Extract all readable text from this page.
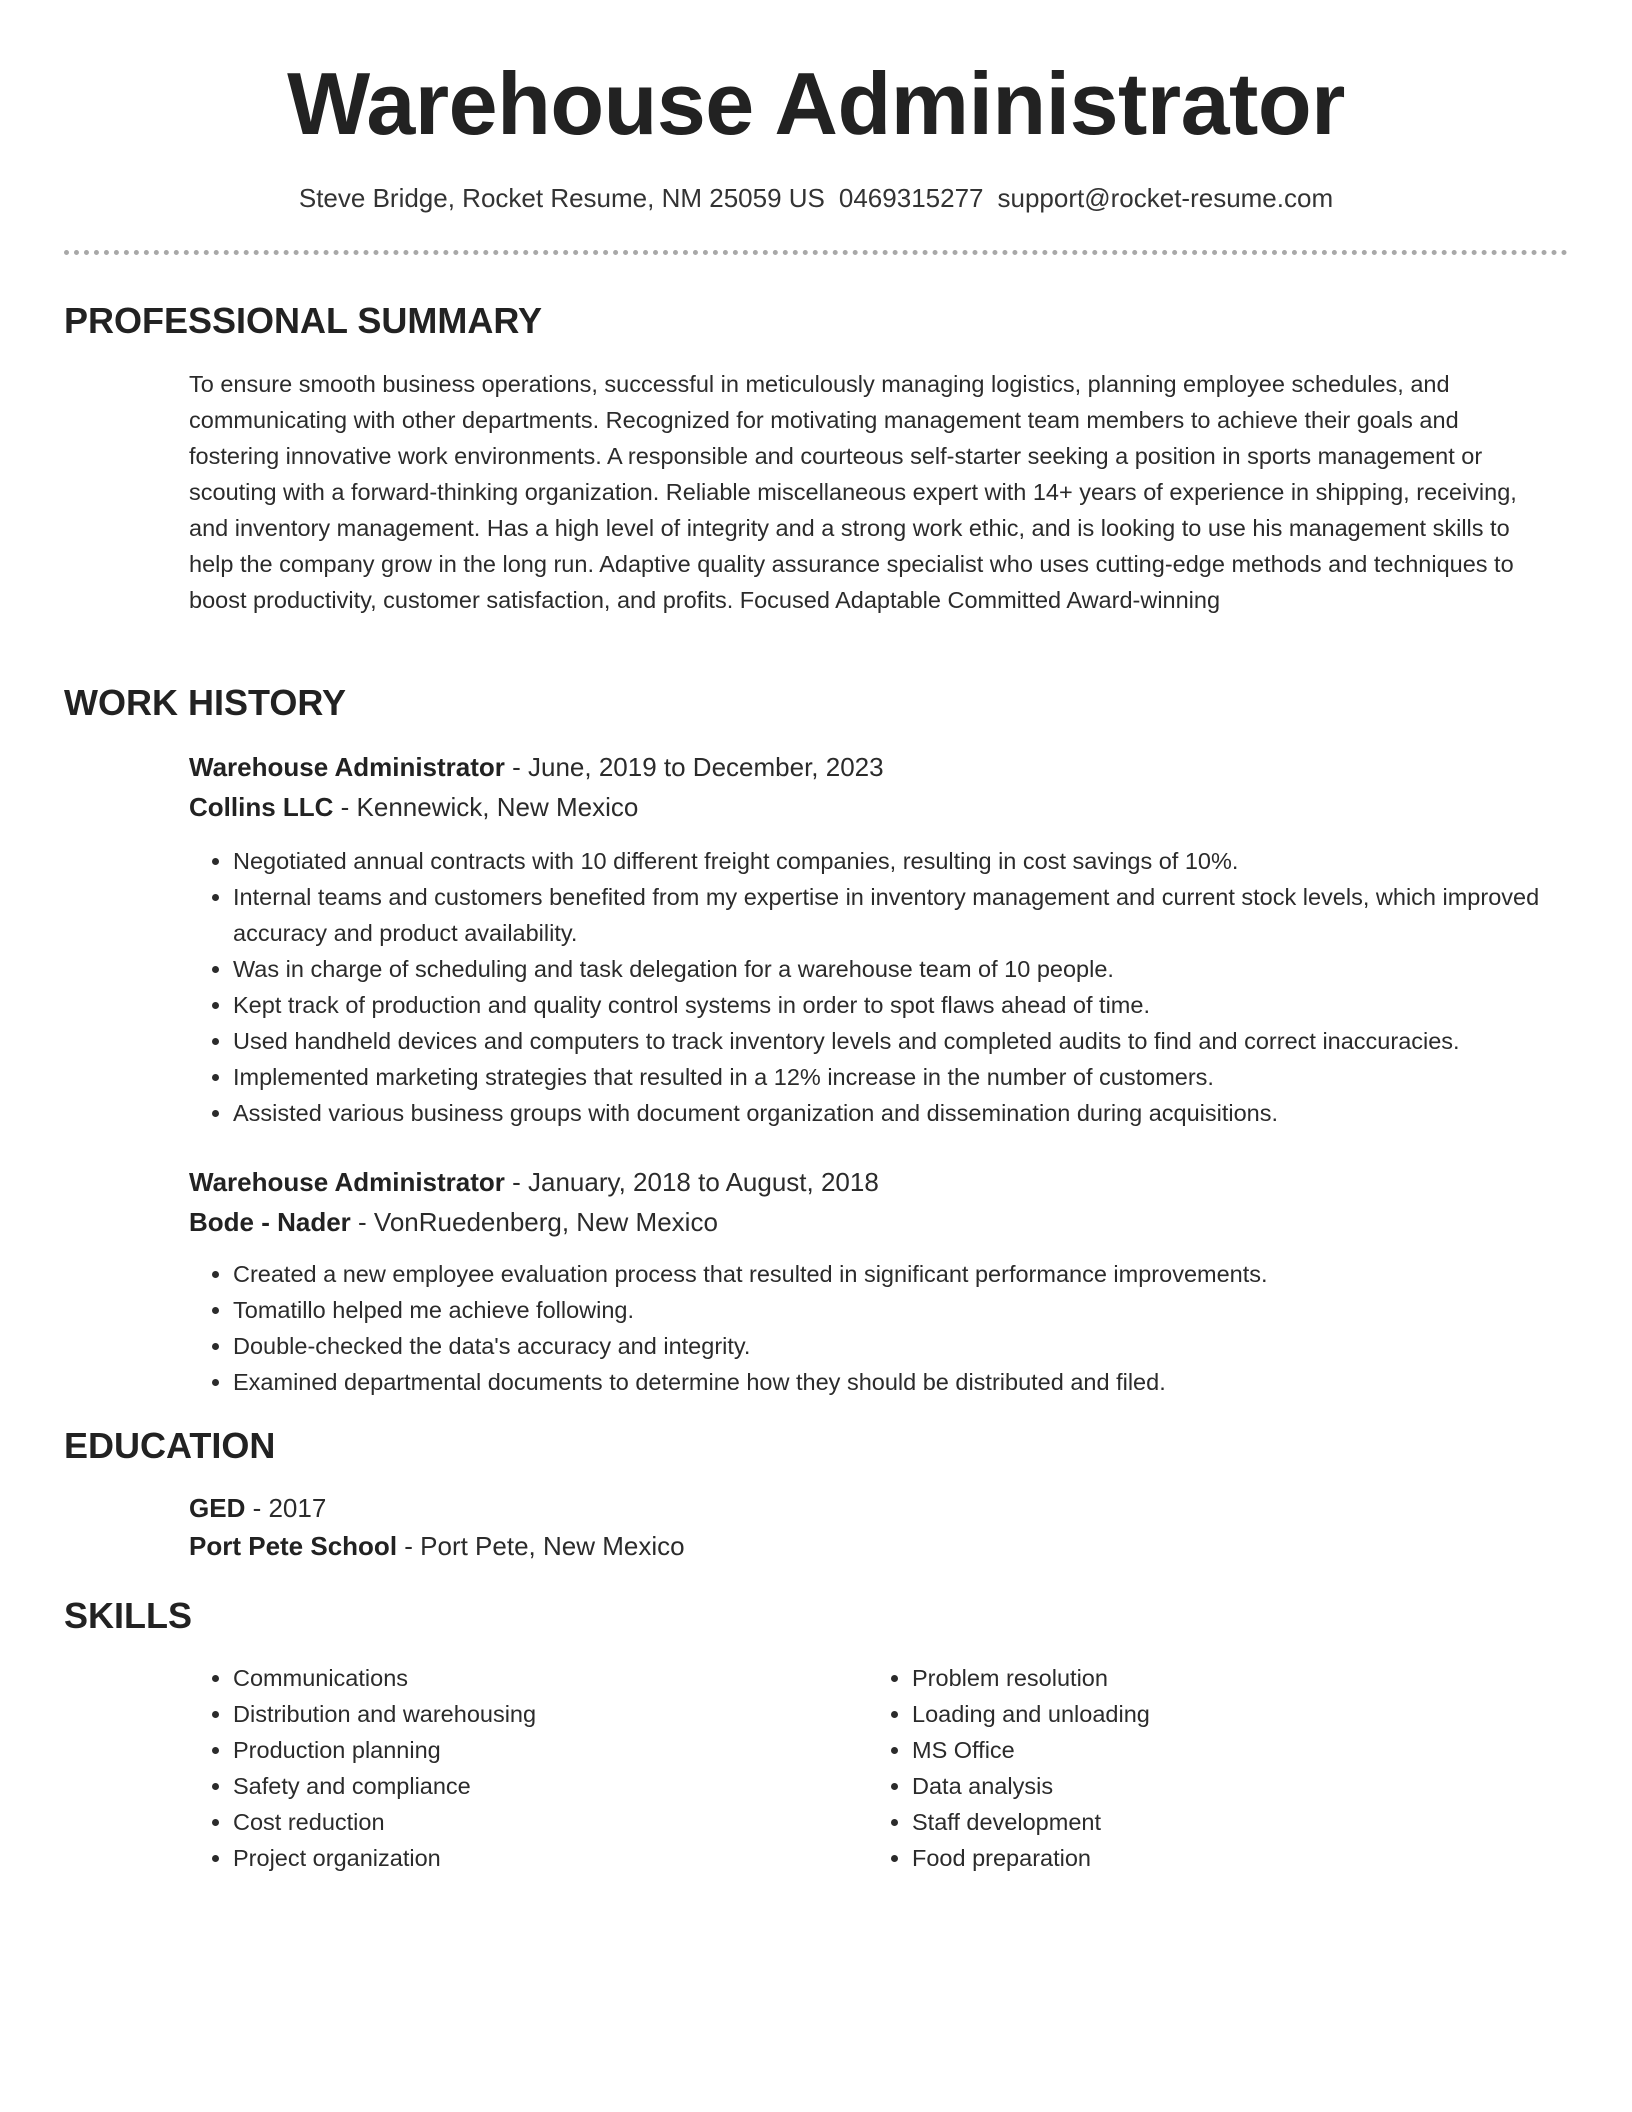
Warehouse Administrator
Steve Bridge, Rocket Resume, NM 25059 US 0469315277 support@rocket-resume.com
PROFESSIONAL SUMMARY
To ensure smooth business operations, successful in meticulously managing logistics, planning employee schedules, and communicating with other departments. Recognized for motivating management team members to achieve their goals and fostering innovative work environments. A responsible and courteous self-starter seeking a position in sports management or scouting with a forward-thinking organization. Reliable miscellaneous expert with 14+ years of experience in shipping, receiving, and inventory management. Has a high level of integrity and a strong work ethic, and is looking to use his management skills to help the company grow in the long run. Adaptive quality assurance specialist who uses cutting-edge methods and techniques to boost productivity, customer satisfaction, and profits. Focused Adaptable Committed Award-winning
WORK HISTORY
Warehouse Administrator - June, 2019 to December, 2023
Collins LLC - Kennewick, New Mexico
• Negotiated annual contracts with 10 different freight companies, resulting in cost savings of 10%.
• Internal teams and customers benefited from my expertise in inventory management and current stock levels, which improved accuracy and product availability.
• Was in charge of scheduling and task delegation for a warehouse team of 10 people.
• Kept track of production and quality control systems in order to spot flaws ahead of time.
• Used handheld devices and computers to track inventory levels and completed audits to find and correct inaccuracies.
• Implemented marketing strategies that resulted in a 12% increase in the number of customers.
• Assisted various business groups with document organization and dissemination during acquisitions.
Warehouse Administrator - January, 2018 to August, 2018
Bode - Nader - VonRuedenberg, New Mexico
• Created a new employee evaluation process that resulted in significant performance improvements.
• Tomatillo helped me achieve following.
• Double-checked the data's accuracy and integrity.
• Examined departmental documents to determine how they should be distributed and filed.
EDUCATION
GED - 2017
Port Pete School - Port Pete, New Mexico
SKILLS
• Communications
• Distribution and warehousing
• Production planning
• Safety and compliance
• Cost reduction
• Project organization
• Problem resolution
• Loading and unloading
• MS Office
• Data analysis
• Staff development
• Food preparation
